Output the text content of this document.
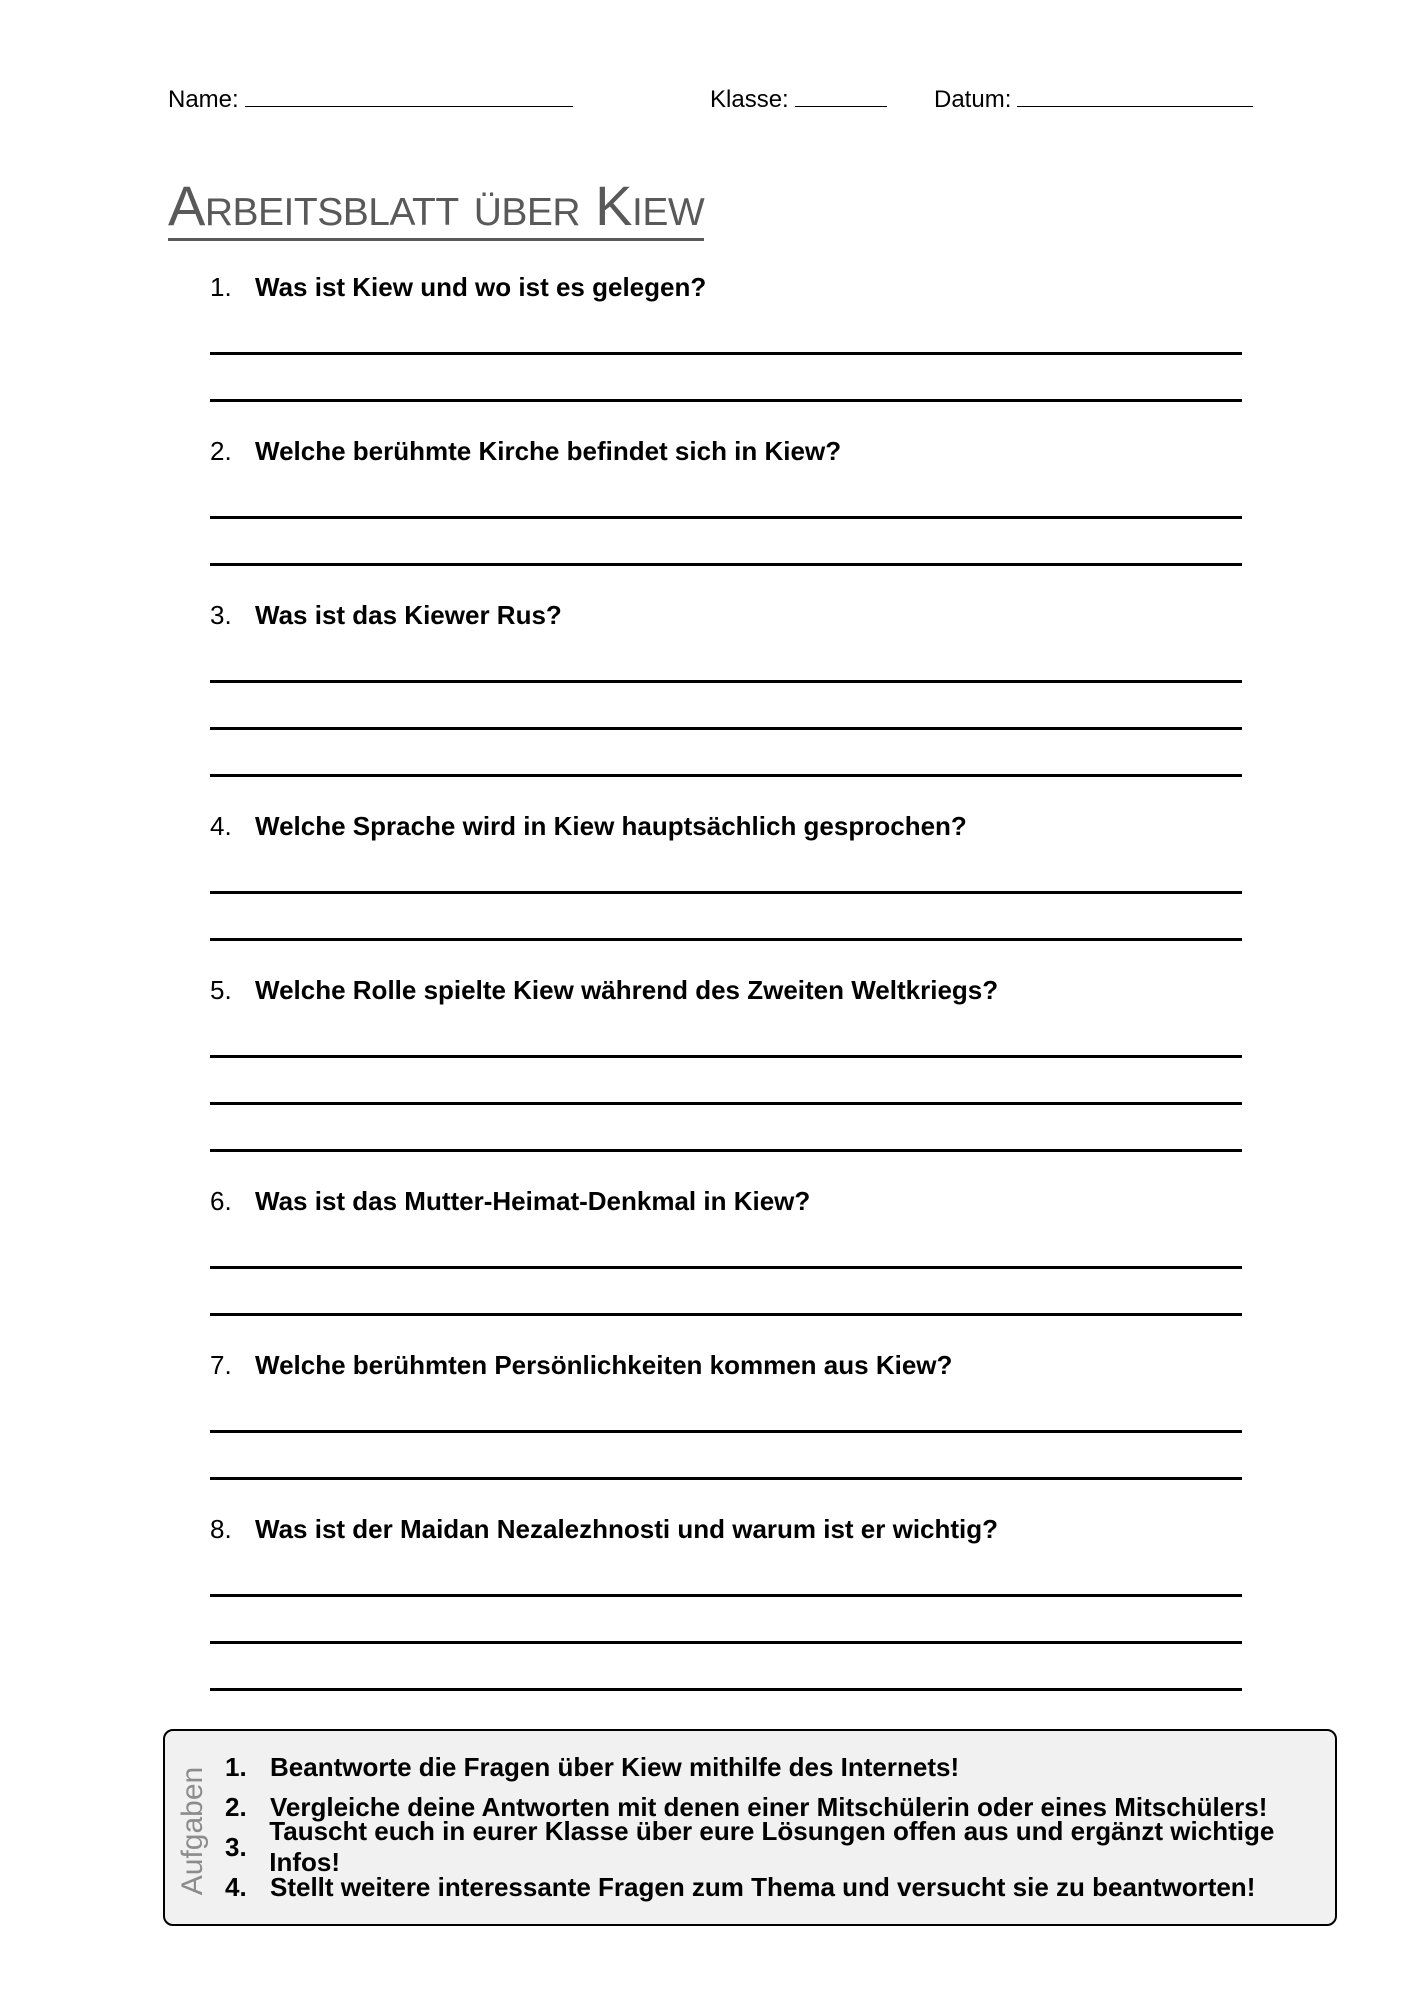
Name:	Klasse:	Datum:
Arbeitsblatt über Kiew
1. Was ist Kiew und wo ist es gelegen?
2. Welche berühmte Kirche befindet sich in Kiew?
3. Was ist das Kiewer Rus?
4. Welche Sprache wird in Kiew hauptsächlich gesprochen?
5. Welche Rolle spielte Kiew während des Zweiten Weltkriegs?
6. Was ist das Mutter-Heimat-Denkmal in Kiew?
7. Welche berühmten Persönlichkeiten kommen aus Kiew?
8. Was ist der Maidan Nezalezhnosti und warum ist er wichtig?
Aufgaben
1. Beantworte die Fragen über Kiew mithilfe des Internets!
2. Vergleiche deine Antworten mit denen einer Mitschülerin oder eines Mitschülers!
3.
Tauscht euch in eurer Klasse über eure Lösungen offen aus und ergänzt wichtige Infos!
4. Stellt weitere interessante Fragen zum Thema und versucht sie zu beantworten!
